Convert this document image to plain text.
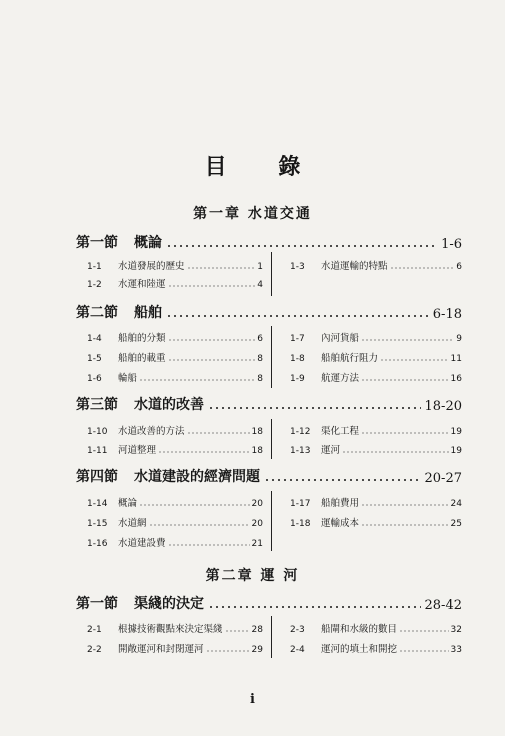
目 錄
第一章 水道交通
第一節	概論	1-6
1-1	水道發展的歷史	1
1-2	水運和陸運	4
1-3	水道運輸的特點	6
第二節	船舶	6-18
1-4	船舶的分類	6
1-5	船舶的載重	8
1-6	輪船	8
1-7	內河貨船	9
1-8	船舶航行阻力	11
1-9	航運方法	16
第三節	水道的改善	18-20
1-10	水道改善的方法	18
1-11	河道整理	18
1-12	渠化工程	19
1-13	運河	19
第四節	水道建設的經濟問題	20-27
1-14	概論	20
1-15	水道網	20
1-16	水道建設費	21
1-17	船舶費用	24
1-18	運輸成本	25
第二章 運 河
第一節	渠綫的決定	28-42
2-1	根據技術觀點來決定渠綫	28
2-2	開敞運河和封閉運河	29
2-3	船閘和水級的數目	32
2-4	運河的填土和開挖	33
i
